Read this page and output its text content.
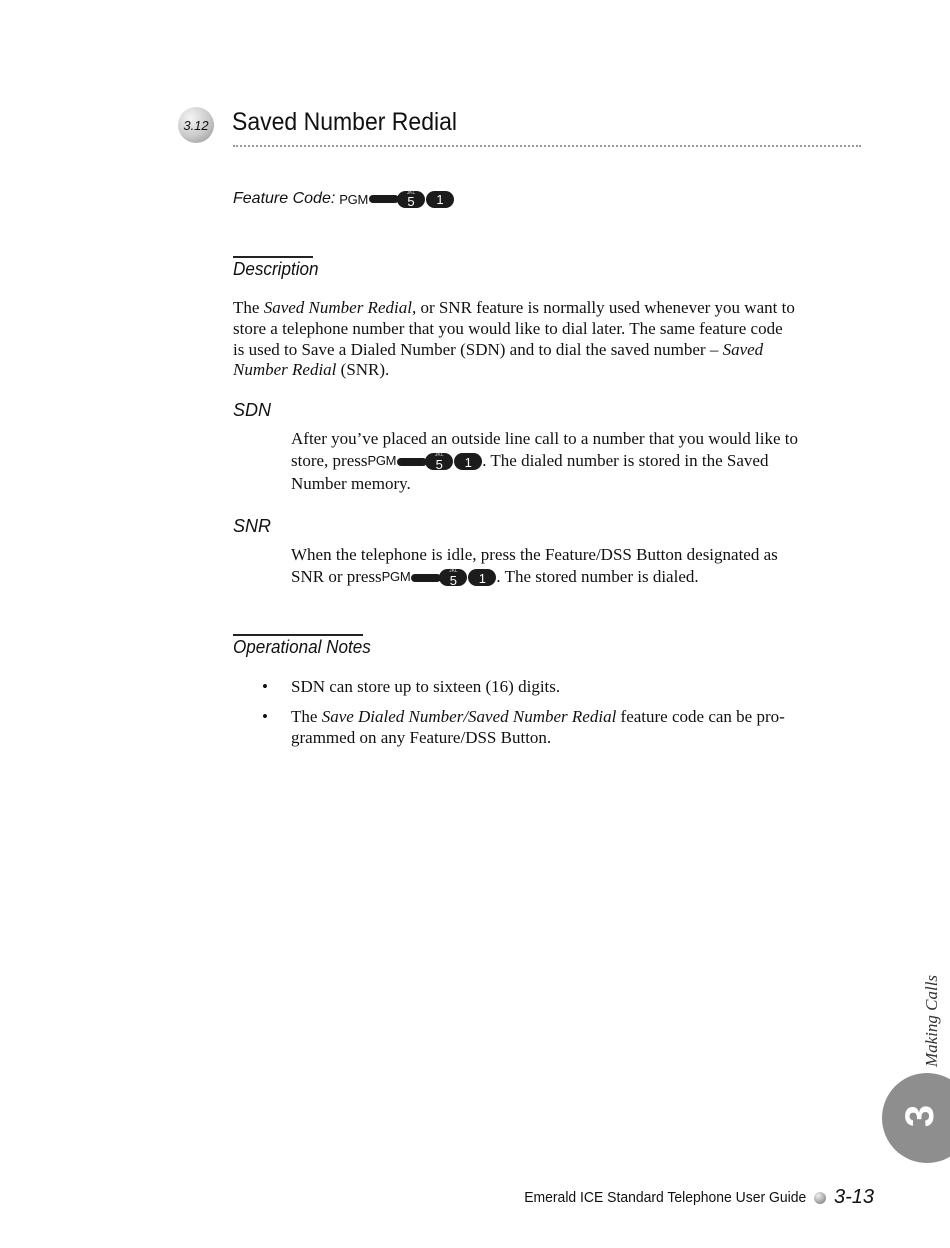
3.12 Saved Number Redial
Feature Code: PGM	JKL
5 1
Description
The Saved Number Redial, or SNR feature is normally used whenever you want to
store a telephone number that you would like to dial later. The same feature code
is used to Save a Dialed Number (SDN) and to dial the saved number – Saved
Number Redial (SNR).
SDN
After you’ve placed an outside line call to a number that you would like to
store, press PGM	JKL
5 1 . The dialed number is stored in the Saved
Number memory.
SNR
When the telephone is idle, press the Feature/DSS Button designated as
SNR or press PGM	JKL
5 1 . The stored number is dialed.
Operational Notes
• SDN can store up to sixteen (16) digits.
• The Save Dialed Number/Saved Number Redial feature code can be pro-
grammed on any Feature/DSS Button.
Making Calls
3
Emerald ICE Standard Telephone User Guide 3-13
